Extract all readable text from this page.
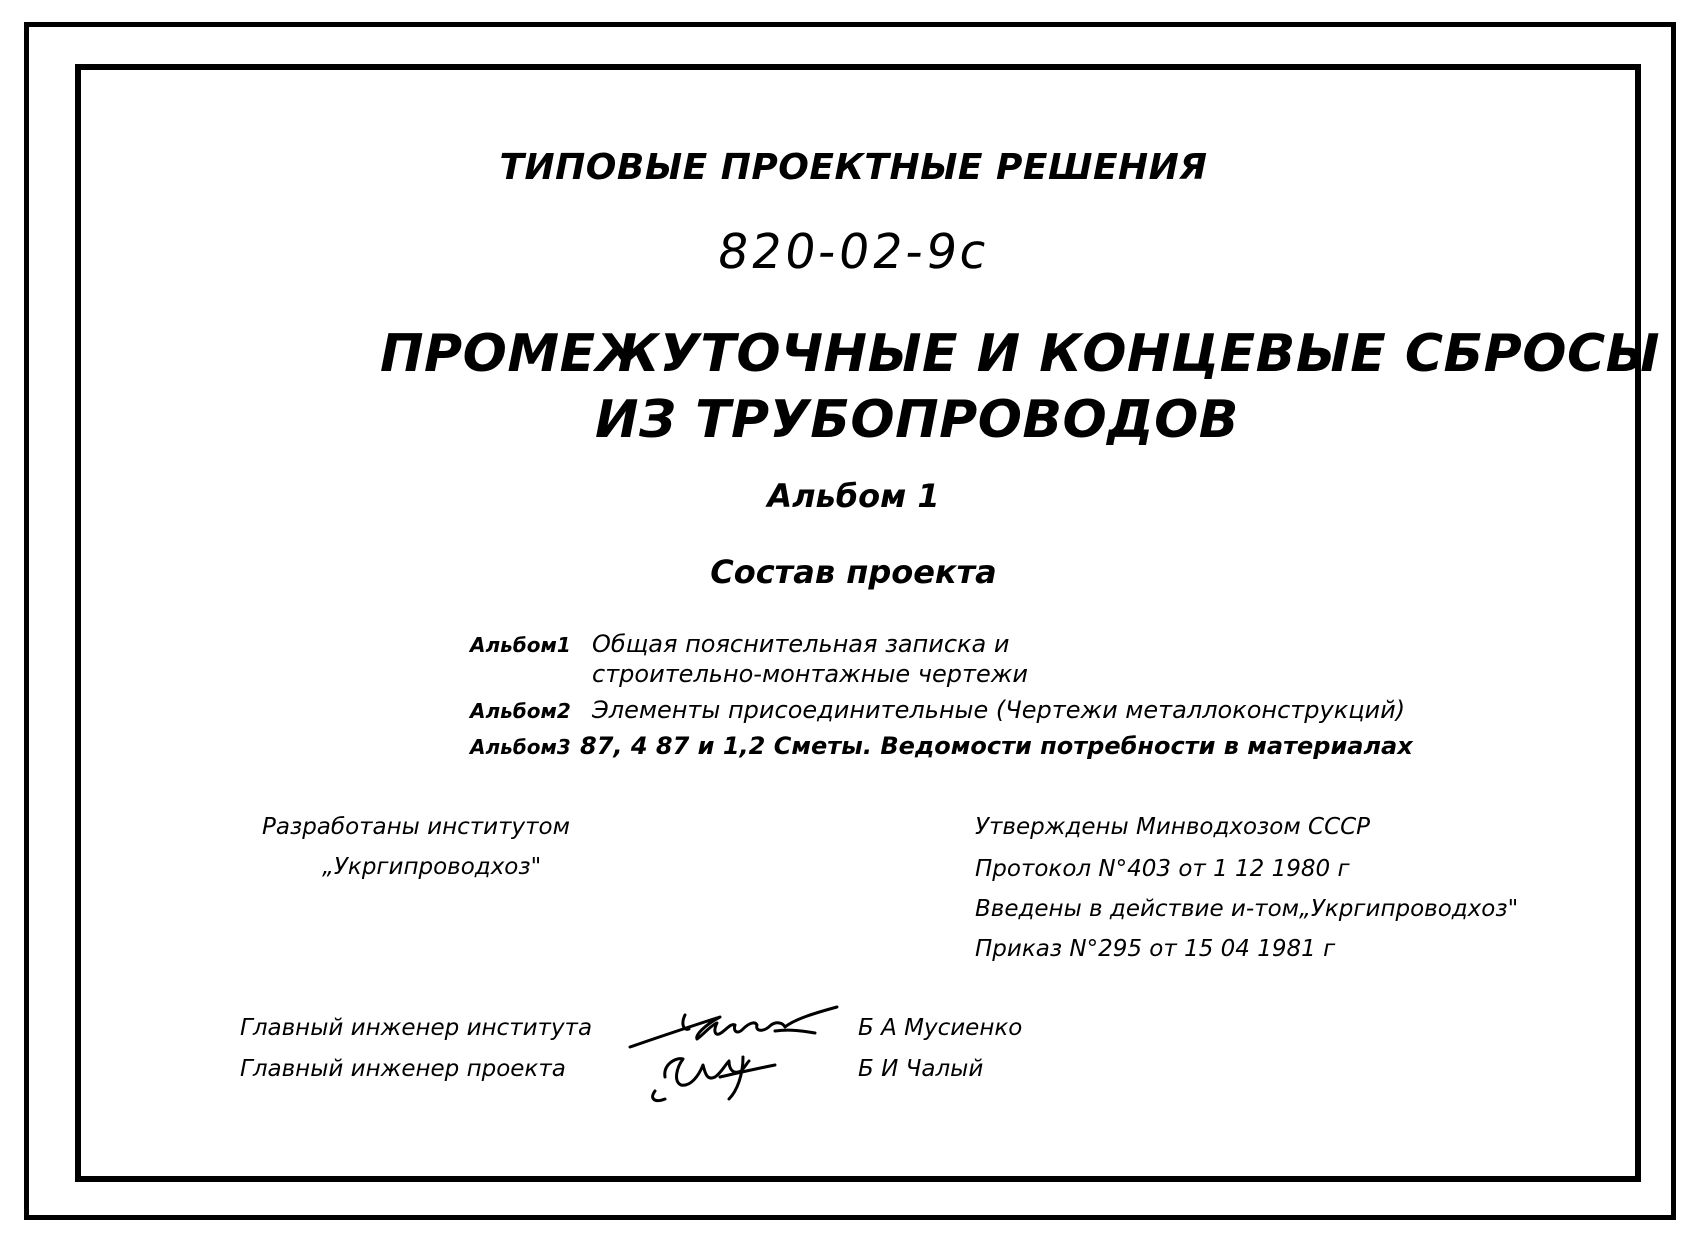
ТИПОВЫЕ ПРОЕКТНЫЕ РЕШЕНИЯ
820-02-9с
ПРОМЕЖУТОЧНЫЕ И КОНЦЕВЫЕ СБРОСЫ
ИЗ ТРУБОПРОВОДОВ
Альбом 1
Состав проекта
Альбом1 Общая пояснительная записка и
строительно-монтажные чертежи
Альбом2 Элементы присоединительные (Чертежи металлоконструкций)
Альбом3 87, 4 87 и 1,2 Сметы. Ведомости потребности в материалах
Разработаны институтом
„Укргипроводхоз"
Утверждены Минводхозом СССР
Протокол N°403 от 1 12 1980 г
Введены в действие и-том„Укргипроводхоз"
Приказ N°295 от 15 04 1981 г
Главный инженер института
Главный инженер проекта
Б А Мусиенко
Б И Чалый
